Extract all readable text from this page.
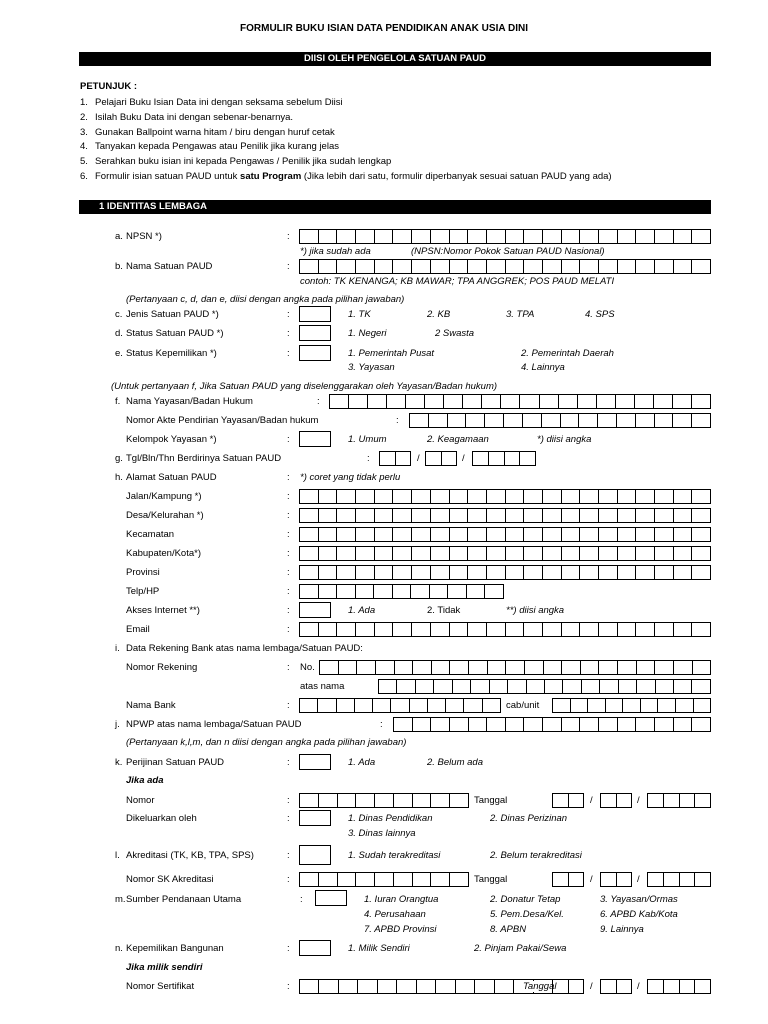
FORMULIR BUKU ISIAN DATA PENDIDIKAN ANAK USIA DINI
DIISI OLEH PENGELOLA SATUAN PAUD
PETUNJUK :
1. Pelajari Buku Isian Data ini dengan seksama sebelum Diisi
2. Isilah Buku Data ini dengan sebenar-benarnya.
3. Gunakan Ballpoint warna hitam / biru dengan huruf cetak
4. Tanyakan kepada Pengawas atau Penilik jika kurang jelas
5. Serahkan buku isian ini kepada Pengawas / Penilik jika sudah lengkap
6. Formulir isian satuan PAUD untuk satu Program (Jika lebih dari satu, formulir diperbanyak sesuai satuan PAUD yang ada)
1 IDENTITAS LEMBAGA
a. NPSN *)	:
*) jika sudah ada	(NPSN:Nomor Pokok Satuan PAUD Nasional)
b. Nama Satuan PAUD	:
contoh: TK KENANGA; KB MAWAR; TPA ANGGREK; POS PAUD MELATI
(Pertanyaan c, d, dan e, diisi dengan angka pada pilihan jawaban)
c. Jenis Satuan PAUD *)	:	1. TK	2. KB	3. TPA	4. SPS
d. Status Satuan PAUD *)	:	1. Negeri	2 Swasta
e. Status Kepemilikan *)	:	1. Pemerintah Pusat	2. Pemerintah Daerah
3. Yayasan	4. Lainnya
(Untuk pertanyaan f, Jika Satuan PAUD yang diselenggarakan oleh Yayasan/Badan hukum)
f. Nama Yayasan/Badan Hukum	:
Nomor Akte Pendirian Yayasan/Badan hukum	:
Kelompok Yayasan *)	:	1. Umum	2. Keagamaan	*) diisi angka
g. Tgl/Bln/Thn Berdirinya Satuan PAUD	:	/	/
h. Alamat Satuan PAUD	: *) coret yang tidak perlu
Jalan/Kampung *)	:
Desa/Kelurahan *)	:
Kecamatan	:
Kabupaten/Kota*)	:
Provinsi	:
Telp/HP	:
Akses Internet **)	:	1. Ada	2. Tidak	**) diisi angka
Email	:
i. Data Rekening Bank atas nama lembaga/Satuan PAUD:
Nomor Rekening	: No.
atas nama
Nama Bank	:	cab/unit
j. NPWP atas nama lembaga/Satuan PAUD	:
(Pertanyaan k,l,m, dan n diisi dengan angka pada pilihan jawaban)
k. Perijinan Satuan PAUD	:	1. Ada	2. Belum ada
Jika ada
Nomor	:	Tanggal	/	/
Dikeluarkan oleh	:	1. Dinas Pendidikan	2. Dinas Perizinan
3. Dinas lainnya
l. Akreditasi (TK, KB, TPA, SPS)	:	1. Sudah terakreditasi	2. Belum terakreditasi
Nomor SK Akreditasi	:	Tanggal	/	/
m. Sumber Pendanaan Utama	:	1. Iuran Orangtua	2. Donatur Tetap	3. Yayasan/Ormas
4. Perusahaan	5. Pem.Desa/Kel.	6. APBD Kab/Kota
7. APBD Provinsi	8. APBN	9. Lainnya
n. Kepemilikan Bangunan	:	1. Milik Sendiri	2. Pinjam Pakai/Sewa
Jika milik sendiri
Nomor Sertifikat	:	Tanggal	/	/
